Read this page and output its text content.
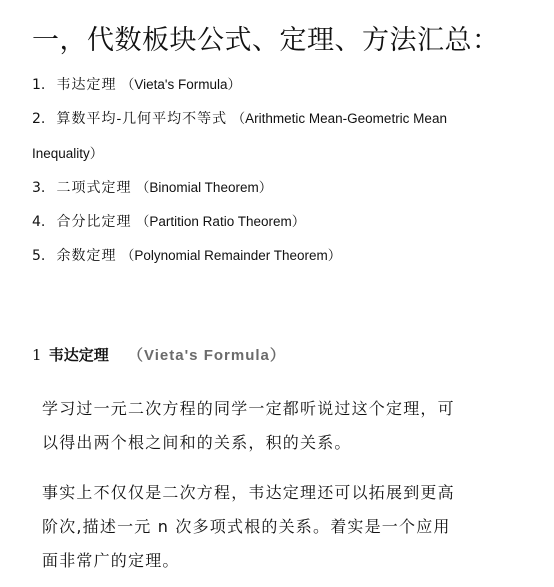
一，代数板块公式、定理、方法汇总：
1. 韦达定理 （Vieta's Formula）
2. 算数平均-几何平均不等式 （Arithmetic Mean-Geometric Mean
Inequality）
3. 二项式定理 （Binomial Theorem）
4. 合分比定理 （Partition Ratio Theorem）
5. 余数定理 （Polynomial Remainder Theorem）
1 韦达定理 （Vieta's Formula）
学习过一元二次方程的同学一定都听说过这个定理，可
以得出两个根之间和的关系，积的关系。
事实上不仅仅是二次方程，韦达定理还可以拓展到更高
阶次,描述一元 n 次多项式根的关系。着实是一个应用
面非常广的定理。
